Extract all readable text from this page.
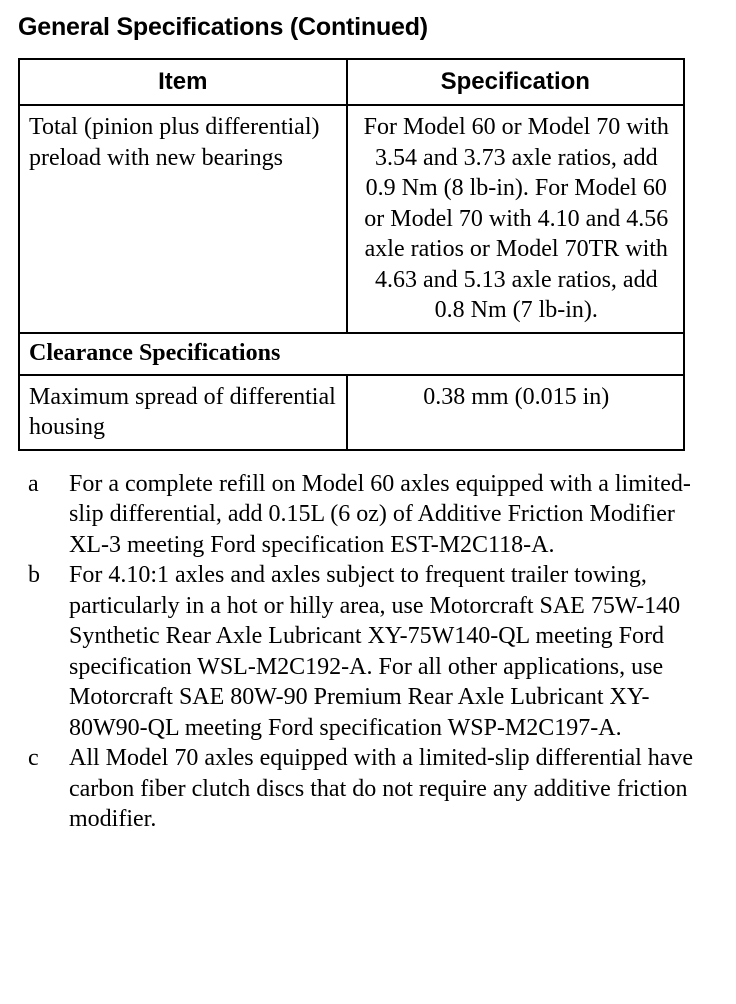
General Specifications (Continued)
Item	Specification
Total (pinion plus differential) preload with new bearings	For Model 60 or Model 70 with 3.54 and 3.73 axle ratios, add 0.9 Nm (8 lb-in). For Model 60 or Model 70 with 4.10 and 4.56 axle ratios or Model 70TR with 4.63 and 5.13 axle ratios, add 0.8 Nm (7 lb-in).
Clearance Specifications	
Maximum spread of differential housing	0.38 mm (0.015 in)
a	For a complete refill on Model 60 axles equipped with a limited-slip differential, add 0.15L (6 oz) of Additive Friction Modifier XL-3 meeting Ford specification EST-M2C118-A.
b	For 4.10:1 axles and axles subject to frequent trailer towing, particularly in a hot or hilly area, use Motorcraft SAE 75W-140 Synthetic Rear Axle Lubricant XY-75W140-QL meeting Ford specification WSL-M2C192-A. For all other applications, use Motorcraft SAE 80W-90 Premium Rear Axle Lubricant XY-80W90-QL meeting Ford specification WSP-M2C197-A.
c	All Model 70 axles equipped with a limited-slip differential have carbon fiber clutch discs that do not require any additive friction modifier.
